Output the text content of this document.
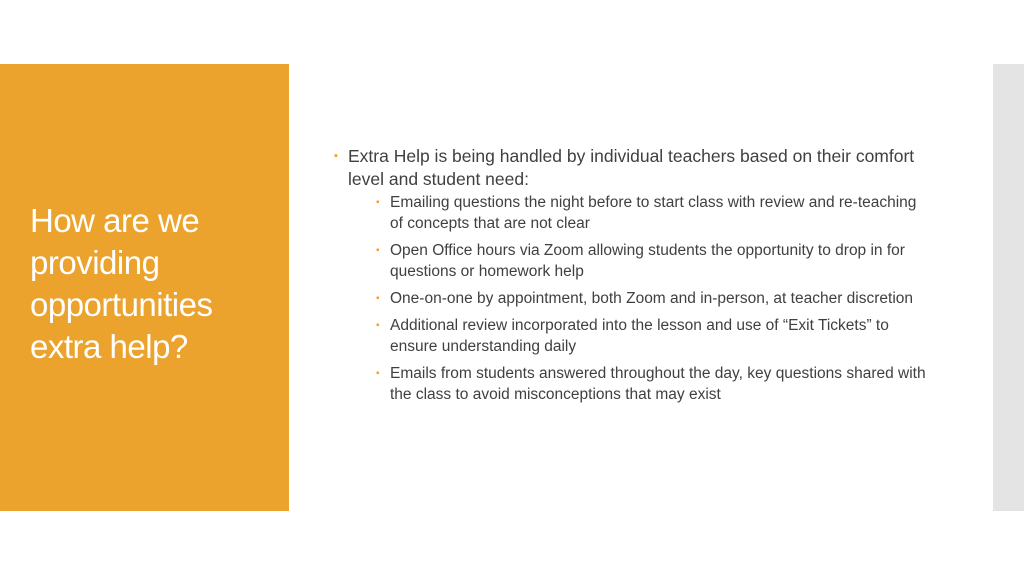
How are we providing opportunities extra help?
▪ Extra Help is being handled by individual teachers based on their comfort level and student need:
▪ Emailing questions the night before to start class with review and re-teaching of concepts that are not clear
▪ Open Office hours via Zoom allowing students the opportunity to drop in for questions or homework help
▪ One-on-one by appointment, both Zoom and in-person, at teacher discretion
▪ Additional review incorporated into the lesson and use of “Exit Tickets” to ensure understanding daily
▪ Emails from students answered throughout the day, key questions shared with the class to avoid misconceptions that may exist
